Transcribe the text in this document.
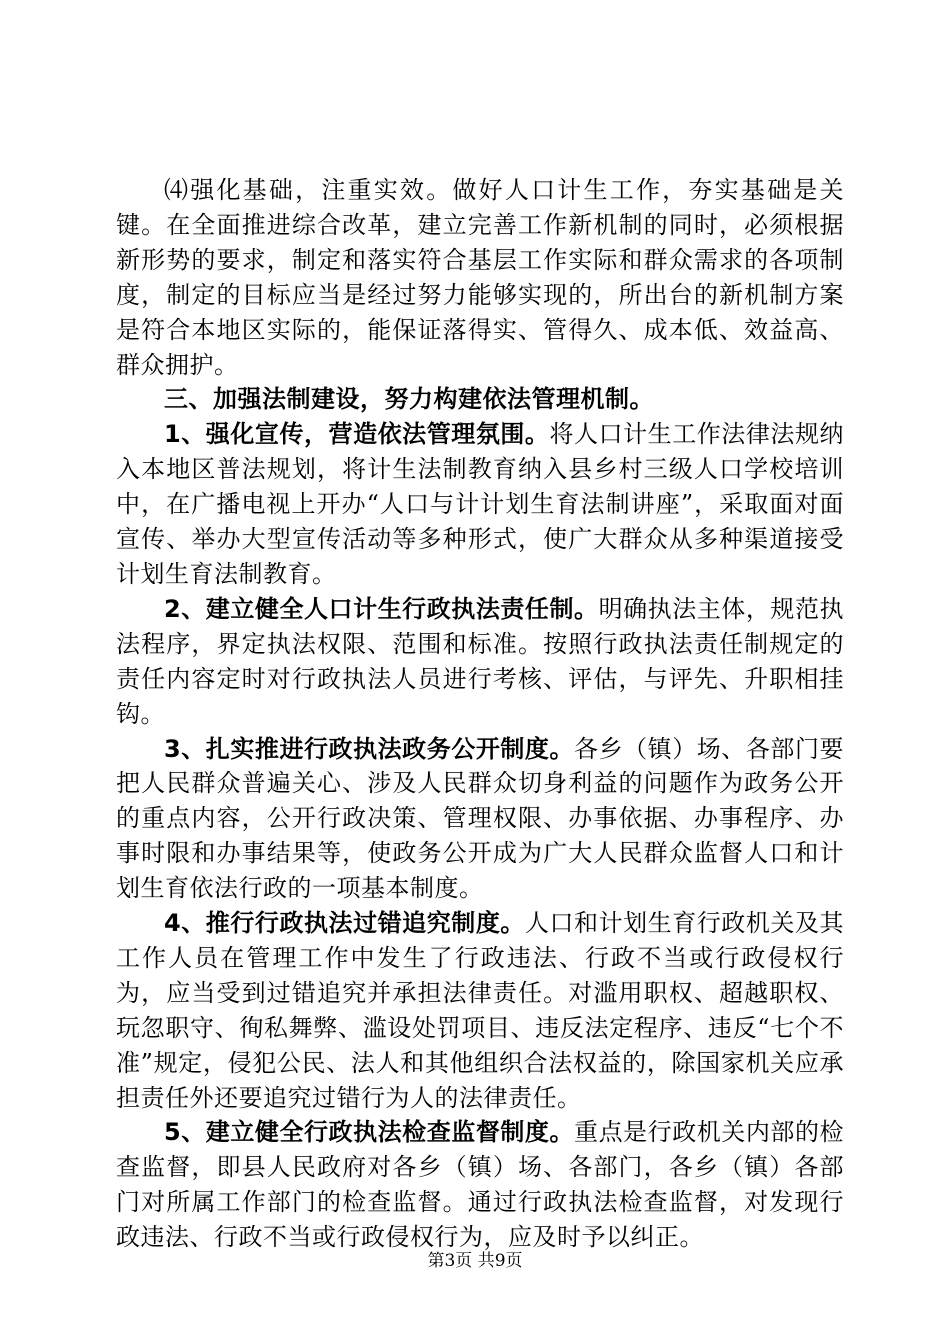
⑷强化基础，注重实效。做好人口计生工作，夯实基础是关键。在全面推进综合改革，建立完善工作新机制的同时，必须根据新形势的要求，制定和落实符合基层工作实际和群众需求的各项制度，制定的目标应当是经过努力能够实现的，所出台的新机制方案是符合本地区实际的，能保证落得实、管得久、成本低、效益高、群众拥护。

三、加强法制建设，努力构建依法管理机制。

1、强化宣传，营造依法管理氛围。将人口计生工作法律法规纳入本地区普法规划，将计生法制教育纳入县乡村三级人口学校培训中，在广播电视上开办“人口与计计划生育法制讲座”，采取面对面宣传、举办大型宣传活动等多种形式，使广大群众从多种渠道接受计划生育法制教育。

2、建立健全人口计生行政执法责任制。明确执法主体，规范执法程序，界定执法权限、范围和标准。按照行政执法责任制规定的责任内容定时对行政执法人员进行考核、评估，与评先、升职相挂钩。

3、扎实推进行政执法政务公开制度。各乡（镇）场、各部门要把人民群众普遍关心、涉及人民群众切身利益的问题作为政务公开的重点内容，公开行政决策、管理权限、办事依据、办事程序、办事时限和办事结果等，使政务公开成为广大人民群众监督人口和计划生育依法行政的一项基本制度。

4、推行行政执法过错追究制度。人口和计划生育行政机关及其工作人员在管理工作中发生了行政违法、行政不当或行政侵权行为，应当受到过错追究并承担法律责任。对滥用职权、超越职权、玩忽职守、徇私舞弊、滥设处罚项目、违反法定程序、违反“七个不准”规定，侵犯公民、法人和其他组织合法权益的，除国家机关应承担责任外还要追究过错行为人的法律责任。

5、建立健全行政执法检查监督制度。重点是行政机关内部的检查监督，即县人民政府对各乡（镇）场、各部门，各乡（镇）各部门对所属工作部门的检查监督。通过行政执法检查监督，对发现行政违法、行政不当或行政侵权行为，应及时予以纠正。

第3页 共9页
